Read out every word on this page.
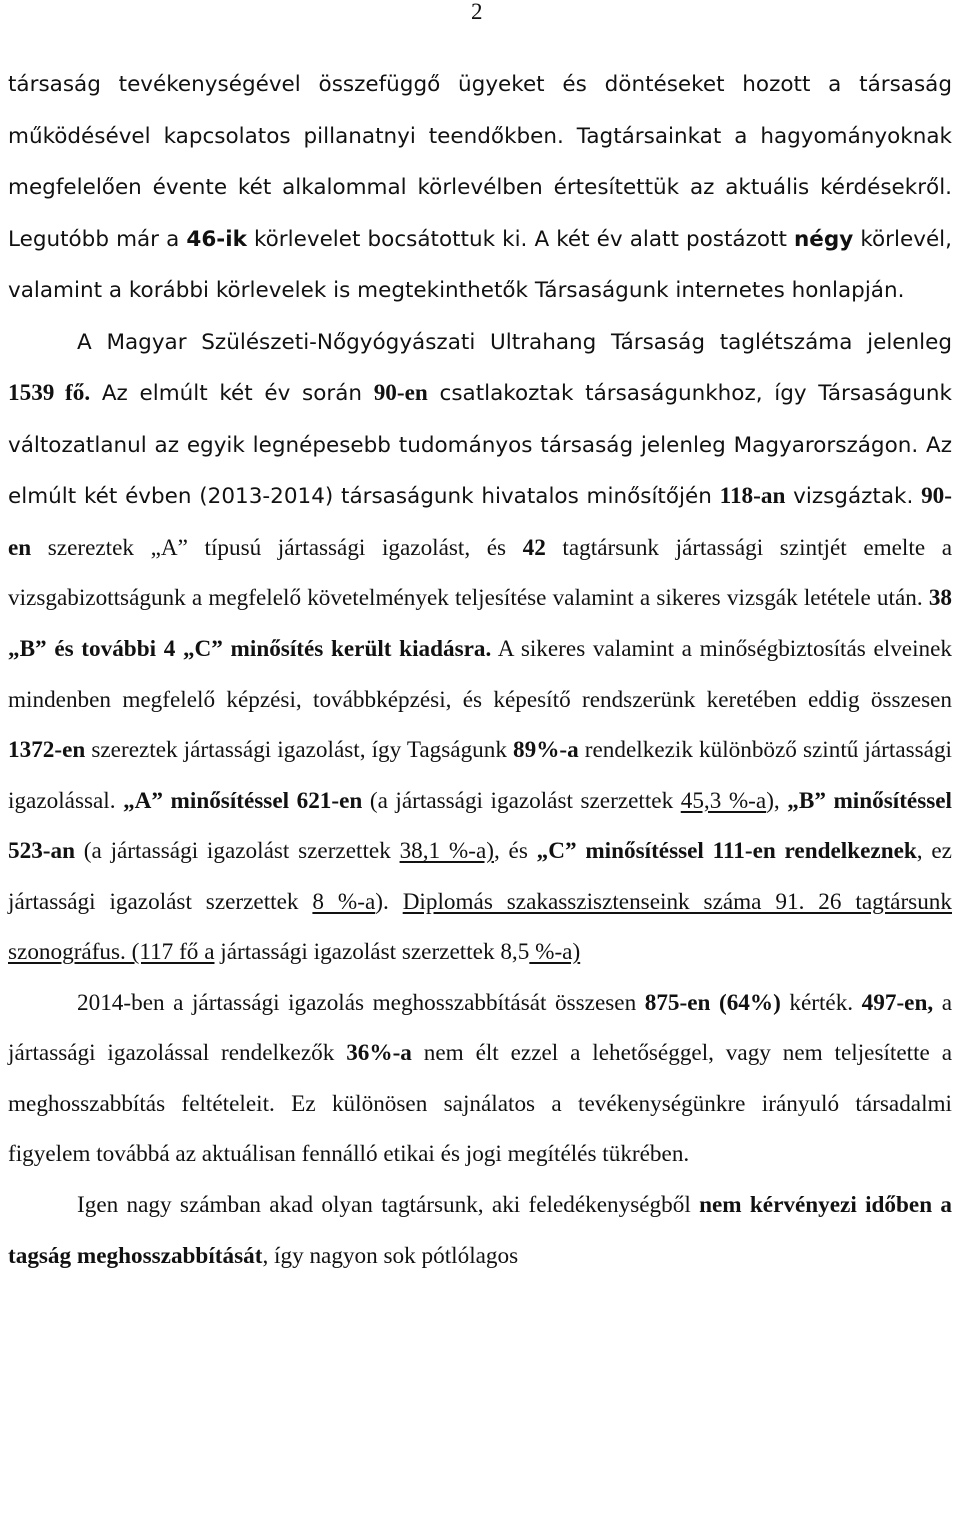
2

társaság tevékenységével összefüggő ügyeket és döntéseket hozott a társaság működésével kapcsolatos pillanatnyi teendőkben. Tagtársainkat a hagyományoknak megfelelően évente két alkalommal körlevélben értesítettük az aktuális kérdésekről. Legutóbb már a 46-ik körlevelet bocsátottuk ki. A két év alatt postázott négy körlevél, valamint a korábbi körlevelek is megtekinthetők Társaságunk internetes honlapján.

A Magyar Szülészeti-Nőgyógyászati Ultrahang Társaság taglétszáma jelenleg 1539 fő. Az elmúlt két év során 90-en csatlakoztak társaságunkhoz, így Társaságunk változatlanul az egyik legnépesebb tudományos társaság jelenleg Magyarországon. Az elmúlt két évben (2013-2014) társaságunk hivatalos minősítőjén 118-an vizsgáztak. 90-en szereztek „A” típusú jártassági igazolást, és 42 tagtársunk jártassági szintjét emelte a vizsgabizottságunk a megfelelő követelmények teljesítése valamint a sikeres vizsgák letétele után. 38 „B” és további 4 „C” minősítés került kiadásra. A sikeres valamint a minőségbiztosítás elveinek mindenben megfelelő képzési, továbbképzési, és képesítő rendszerünk keretében eddig összesen 1372-en szereztek jártassági igazolást, így Tagságunk 89%-a rendelkezik különböző szintű jártassági igazolással. „A” minősítéssel 621-en (a jártassági igazolást szerzettek 45,3 %-a), „B” minősítéssel 523-an (a jártassági igazolást szerzettek 38,1 %-a), és „C” minősítéssel 111-en rendelkeznek, ez jártassági igazolást szerzettek 8 %-a). Diplomás szakasszisztenseink száma 91. 26 tagtársunk szonográfus. (117 fő a jártassági igazolást szerzettek 8,5 %-a)

2014-ben a jártassági igazolás meghosszabbítását összesen 875-en (64%) kérték. 497-en, a jártassági igazolással rendelkezők 36%-a nem élt ezzel a lehetőséggel, vagy nem teljesítette a meghosszabbítás feltételeit. Ez különösen sajnálatos a tevékenységünkre irányuló társadalmi figyelem továbbá az aktuálisan fennálló etikai és jogi megítélés tükrében.

Igen nagy számban akad olyan tagtársunk, aki feledékenységből nem kérvényezi időben a tagság meghosszabbítását, így nagyon sok pótlólagos
